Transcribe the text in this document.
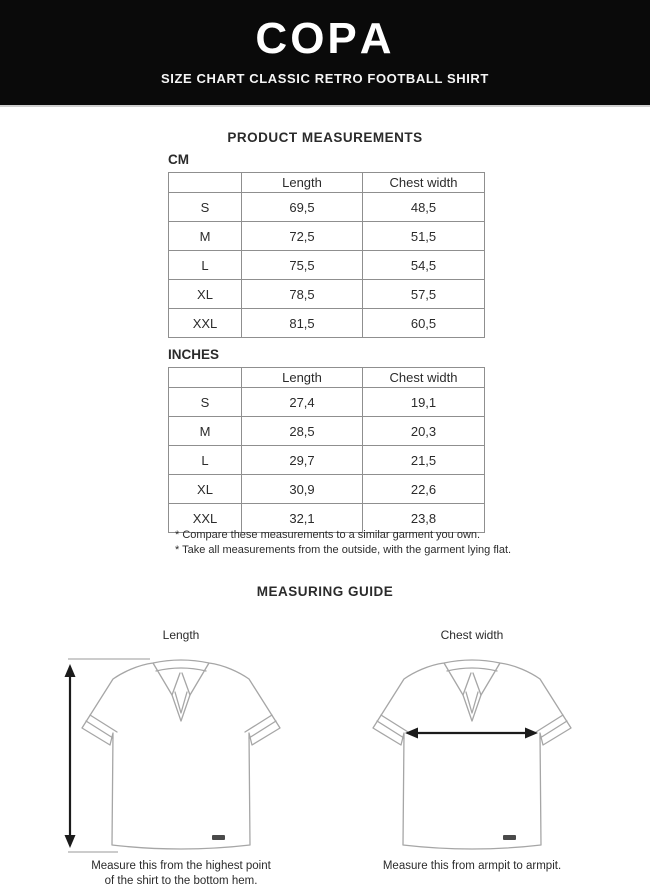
COPA
SIZE CHART CLASSIC RETRO FOOTBALL SHIRT
PRODUCT MEASUREMENTS
CM
	Length	Chest width
S	69,5	48,5
M	72,5	51,5
L	75,5	54,5
XL	78,5	57,5
XXL	81,5	60,5
INCHES
	Length	Chest width
S	27,4	19,1
M	28,5	20,3
L	29,7	21,5
XL	30,9	22,6
XXL	32,1	23,8
* Compare these measurements to a similar garment you own.
* Take all measurements from the outside, with the garment lying flat.
MEASURING GUIDE
Length
Measure this from the highest point of the shirt to the bottom hem.
Chest width
Measure this from armpit to armpit.
